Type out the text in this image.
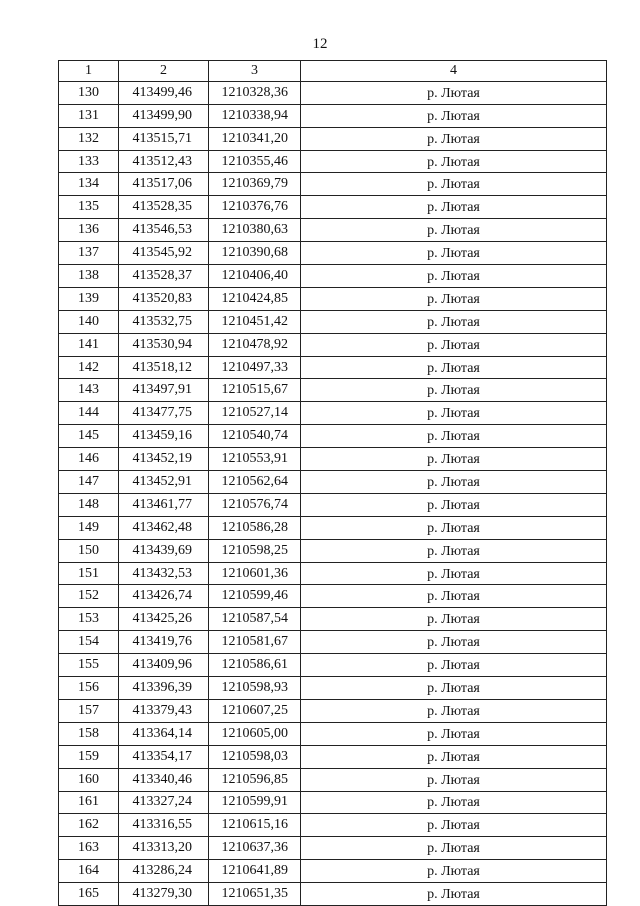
12
1	2	3	4
130	413499,46	1210328,36	р. Лютая
131	413499,90	1210338,94	р. Лютая
132	413515,71	1210341,20	р. Лютая
133	413512,43	1210355,46	р. Лютая
134	413517,06	1210369,79	р. Лютая
135	413528,35	1210376,76	р. Лютая
136	413546,53	1210380,63	р. Лютая
137	413545,92	1210390,68	р. Лютая
138	413528,37	1210406,40	р. Лютая
139	413520,83	1210424,85	р. Лютая
140	413532,75	1210451,42	р. Лютая
141	413530,94	1210478,92	р. Лютая
142	413518,12	1210497,33	р. Лютая
143	413497,91	1210515,67	р. Лютая
144	413477,75	1210527,14	р. Лютая
145	413459,16	1210540,74	р. Лютая
146	413452,19	1210553,91	р. Лютая
147	413452,91	1210562,64	р. Лютая
148	413461,77	1210576,74	р. Лютая
149	413462,48	1210586,28	р. Лютая
150	413439,69	1210598,25	р. Лютая
151	413432,53	1210601,36	р. Лютая
152	413426,74	1210599,46	р. Лютая
153	413425,26	1210587,54	р. Лютая
154	413419,76	1210581,67	р. Лютая
155	413409,96	1210586,61	р. Лютая
156	413396,39	1210598,93	р. Лютая
157	413379,43	1210607,25	р. Лютая
158	413364,14	1210605,00	р. Лютая
159	413354,17	1210598,03	р. Лютая
160	413340,46	1210596,85	р. Лютая
161	413327,24	1210599,91	р. Лютая
162	413316,55	1210615,16	р. Лютая
163	413313,20	1210637,36	р. Лютая
164	413286,24	1210641,89	р. Лютая
165	413279,30	1210651,35	р. Лютая
